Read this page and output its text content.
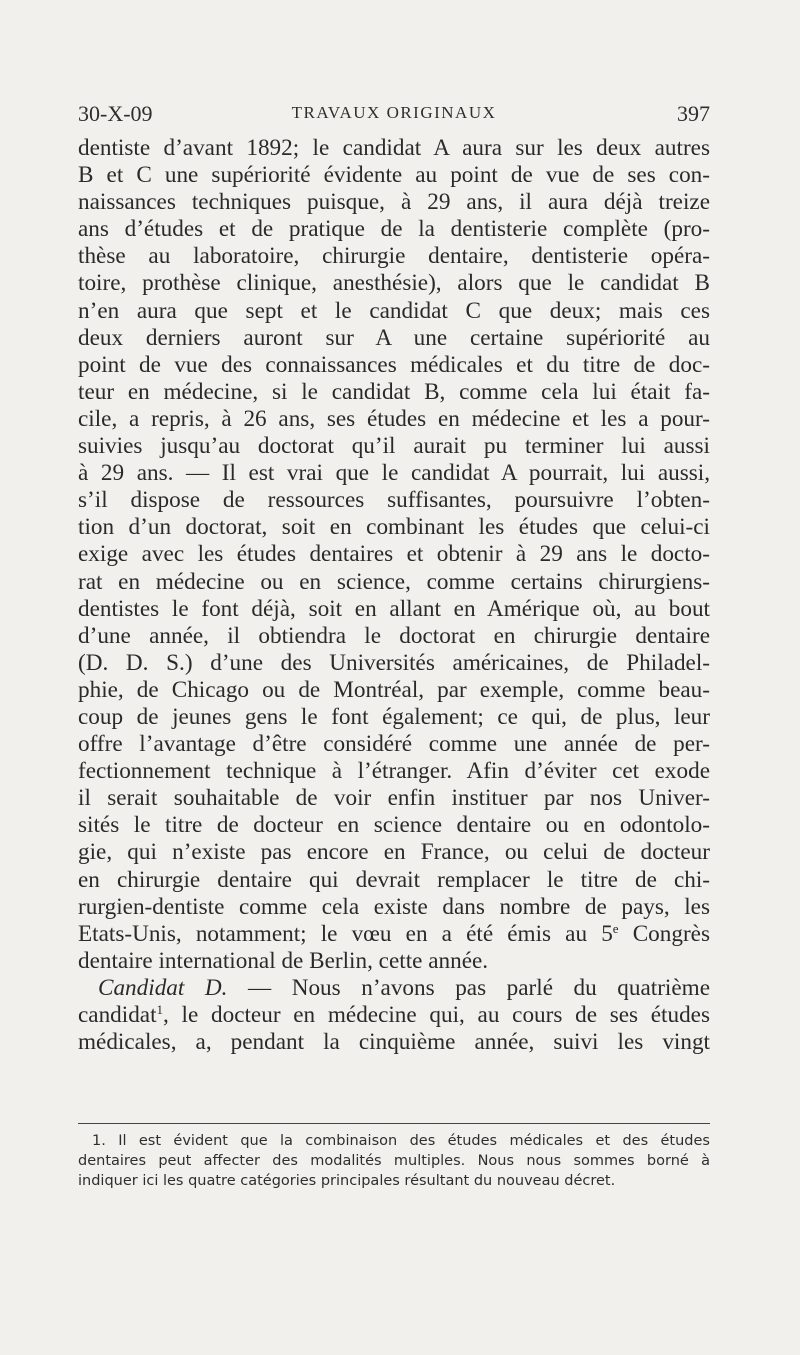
30-X-09	TRAVAUX ORIGINAUX	397
dentiste d’avant 1892; le candidat A aura sur les deux autres
B et C une supériorité évidente au point de vue de ses con-
naissances techniques puisque, à 29 ans, il aura déjà treize
ans d’études et de pratique de la dentisterie complète (pro-
thèse au laboratoire, chirurgie dentaire, dentisterie opéra-
toire, prothèse clinique, anesthésie), alors que le candidat B
n’en aura que sept et le candidat C que deux; mais ces
deux derniers auront sur A une certaine supériorité au
point de vue des connaissances médicales et du titre de doc-
teur en médecine, si le candidat B, comme cela lui était fa-
cile, a repris, à 26 ans, ses études en médecine et les a pour-
suivies jusqu’au doctorat qu’il aurait pu terminer lui aussi
à 29 ans. — Il est vrai que le candidat A pourrait, lui aussi,
s’il dispose de ressources suffisantes, poursuivre l’obten-
tion d’un doctorat, soit en combinant les études que celui-ci
exige avec les études dentaires et obtenir à 29 ans le docto-
rat en médecine ou en science, comme certains chirurgiens-
dentistes le font déjà, soit en allant en Amérique où, au bout
d’une année, il obtiendra le doctorat en chirurgie dentaire
(D. D. S.) d’une des Universités américaines, de Philadel-
phie, de Chicago ou de Montréal, par exemple, comme beau-
coup de jeunes gens le font également; ce qui, de plus, leur
offre l’avantage d’être considéré comme une année de per-
fectionnement technique à l’étranger. Afin d’éviter cet exode
il serait souhaitable de voir enfin instituer par nos Univer-
sités le titre de docteur en science dentaire ou en odontolo-
gie, qui n’existe pas encore en France, ou celui de docteur
en chirurgie dentaire qui devrait remplacer le titre de chi-
rurgien-dentiste comme cela existe dans nombre de pays, les
Etats-Unis, notamment; le vœu en a été émis au 5e Congrès
dentaire international de Berlin, cette année.
Candidat D. — Nous n’avons pas parlé du quatrième
candidat$^1$, le docteur en médecine qui, au cours de ses études
médicales, a, pendant la cinquième année, suivi les vingt
1. Il est évident que la combinaison des études médicales et des études
dentaires peut affecter des modalités multiples. Nous nous sommes borné à
indiquer ici les quatre catégories principales résultant du nouveau décret.
